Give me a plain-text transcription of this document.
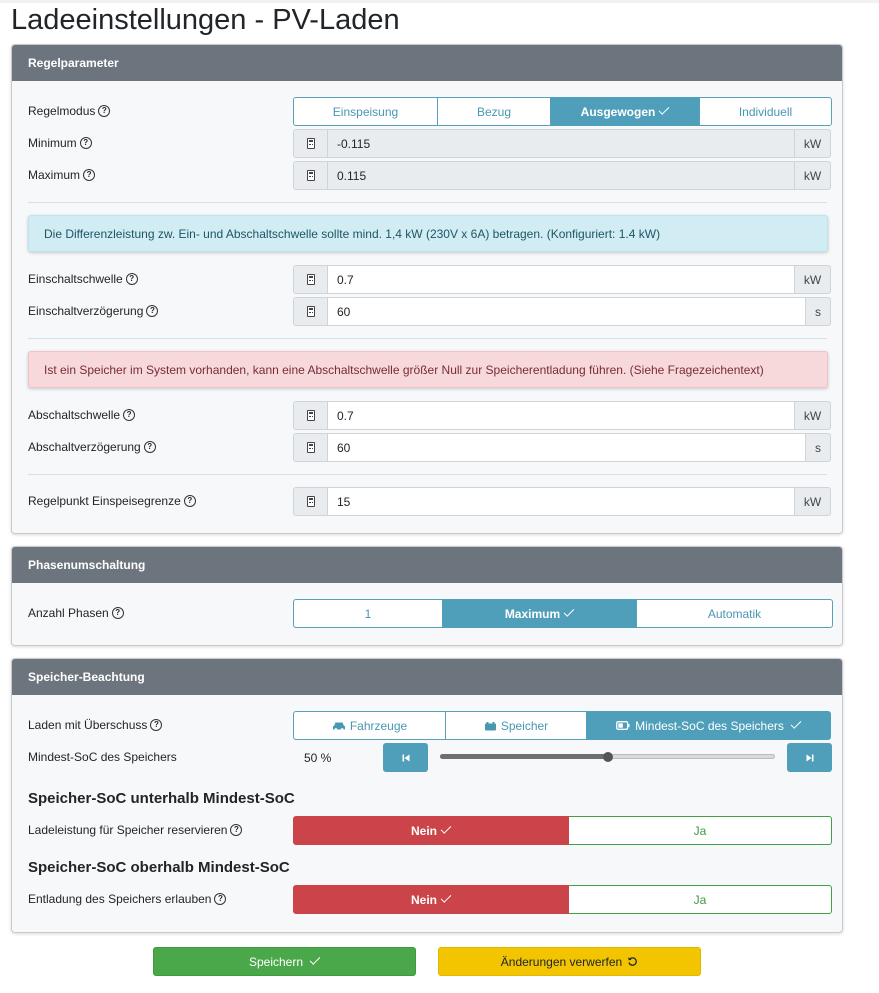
Ladeeinstellungen - PV-Laden
Regelparameter
Regelmodus ?	Einspeisung	Bezug	Ausgewogen	Individuell
Minimum ?	-0.115	kW
Maximum ?	0.115	kW
Die Differenzleistung zw. Ein- und Abschaltschwelle sollte mind. 1,4 kW (230V x 6A) betragen. (Konfiguriert: 1.4 kW)
Einschaltschwelle ?	0.7	kW
Einschaltverzögerung ?	60	s
Ist ein Speicher im System vorhanden, kann eine Abschaltschwelle größer Null zur Speicherentladung führen. (Siehe Fragezeichentext)
Abschaltschwelle ?	0.7	kW
Abschaltverzögerung ?	60	s
Regelpunkt Einspeisegrenze ?	15	kW
Phasenumschaltung
Anzahl Phasen ?	1	Maximum	Automatik
Speicher-Beachtung
Laden mit Überschuss ?	Fahrzeuge	Speicher	Mindest-SoC des Speichers
Mindest-SoC des Speichers	50 %
Speicher-SoC unterhalb Mindest-SoC
Ladeleistung für Speicher reservieren ?	Nein	Ja
Speicher-SoC oberhalb Mindest-SoC
Entladung des Speichers erlauben ?	Nein	Ja
Speichern	Änderungen verwerfen
